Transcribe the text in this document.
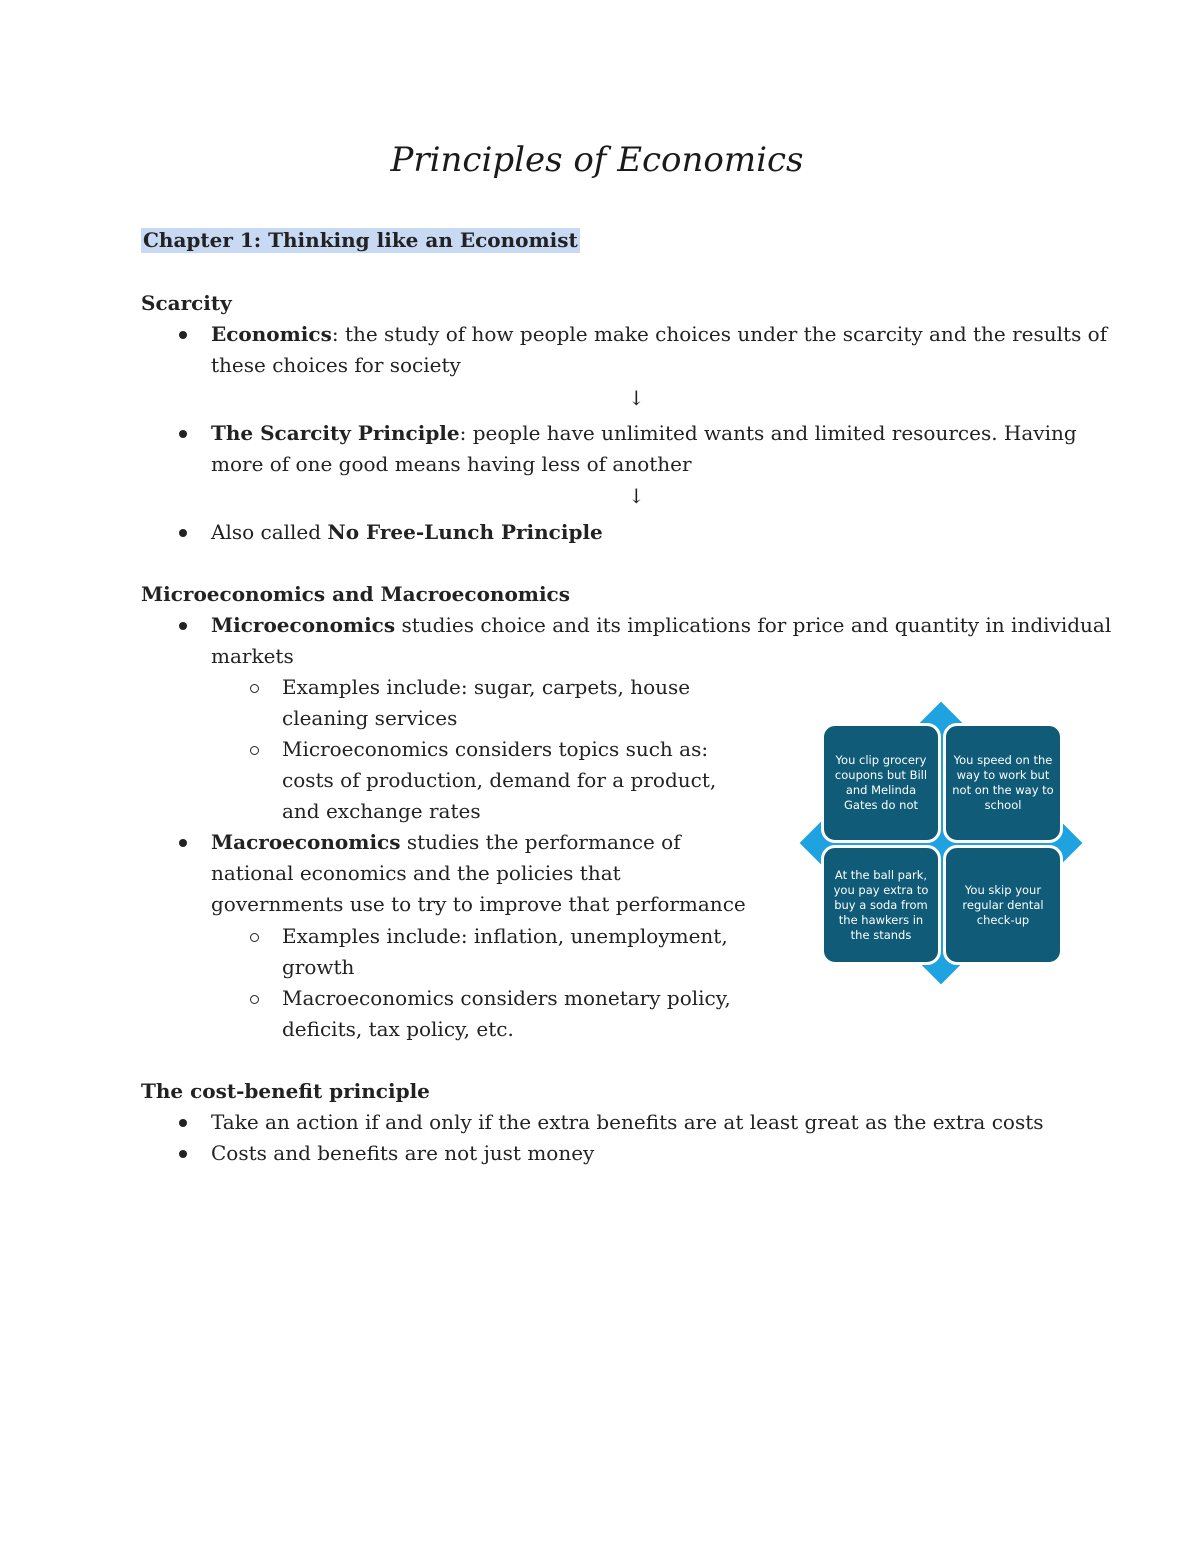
Principles of Economics
Chapter 1: Thinking like an Economist
Scarcity
Economics: the study of how people make choices under the scarcity and the results of
these choices for society
↓
The Scarcity Principle: people have unlimited wants and limited resources. Having
more of one good means having less of another
↓
Also called No Free-Lunch Principle
Microeconomics and Macroeconomics
Microeconomics studies choice and its implications for price and quantity in individual
markets
Examples include: sugar, carpets, house
cleaning services
Microeconomics considers topics such as:
costs of production, demand for a product,
and exchange rates
Macroeconomics studies the performance of
national economics and the policies that
governments use to try to improve that performance
Examples include: inflation, unemployment,
growth
Macroeconomics considers monetary policy,
deficits, tax policy, etc.
You clip grocery coupons but Bill and Melinda Gates do not
You speed on the way to work but not on the way to school
At the ball park, you pay extra to buy a soda from the hawkers in the stands
You skip your regular dental check-up
The cost-benefit principle
Take an action if and only if the extra benefits are at least great as the extra costs
Costs and benefits are not just money
